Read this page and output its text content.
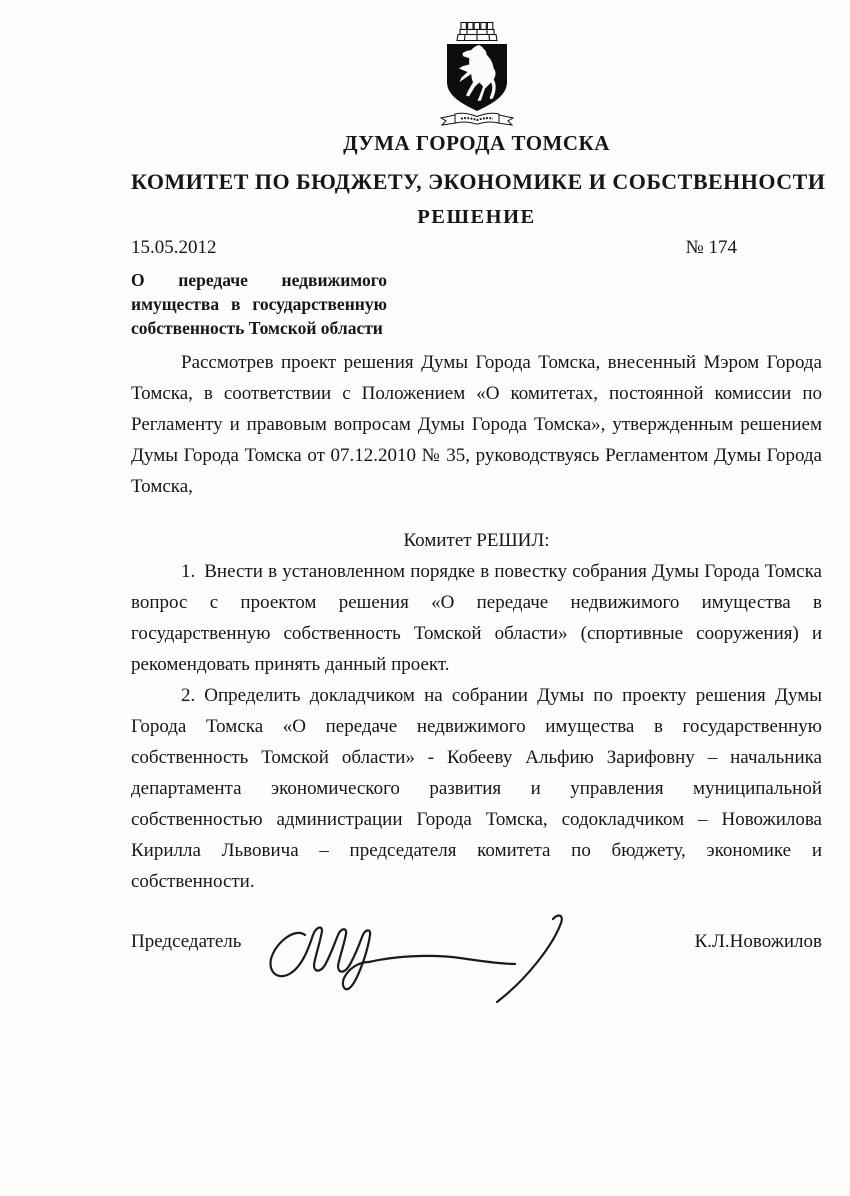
ДУМА ГОРОДА ТОМСКА
КОМИТЕТ ПО БЮДЖЕТУ, ЭКОНОМИКЕ И СОБСТВЕННОСТИ
РЕШЕНИЕ
15.05.2012	№ 174
О передаче недвижимого имущества в государственную собственность Томской области

Рассмотрев проект решения Думы Города Томска, внесенный Мэром Города Томска, в соответствии с Положением «О комитетах, постоянной комиссии по Регламенту и правовым вопросам Думы Города Томска», утвержденным решением Думы Города Томска от 07.12.2010 № 35, руководствуясь Регламентом Думы Города Томска,

Комитет РЕШИЛ:

1. Внести в установленном порядке в повестку собрания Думы Города Томска вопрос с проектом решения «О передаче недвижимого имущества в государственную собственность Томской области» (спортивные сооружения) и рекомендовать принять данный проект.

2. Определить докладчиком на собрании Думы по проекту решения Думы Города Томска «О передаче недвижимого имущества в государственную собственность Томской области» - Кобееву Альфию Зарифовну – начальника департамента экономического развития и управления муниципальной собственностью администрации Города Томска, содокладчиком – Новожилова Кирилла Львовича – председателя комитета по бюджету, экономике и собственности.

Председатель	К.Л.Новожилов
